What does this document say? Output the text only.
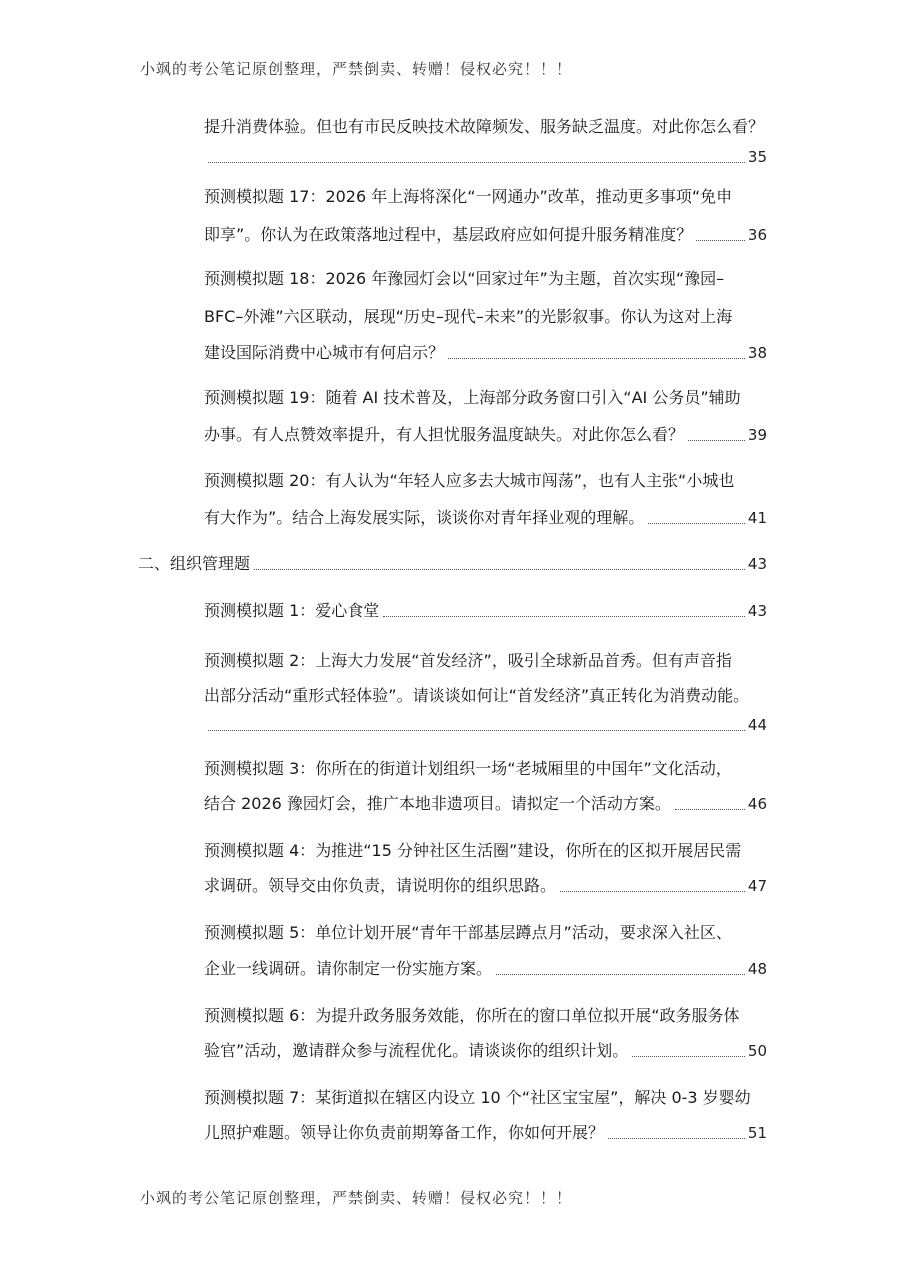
小飒的考公笔记原创整理，严禁倒卖、转赠！侵权必究！！！
提升消费体验。但也有市民反映技术故障频发、服务缺乏温度。对此你怎么看？
35
预测模拟题 17：2026 年上海将深化“一网通办”改革，推动更多事项“免申
即享”。你认为在政策落地过程中，基层政府应如何提升服务精准度？	36
预测模拟题 18：2026 年豫园灯会以“回家过年”为主题，首次实现“豫园–
BFC–外滩”六区联动，展现“历史–现代–未来”的光影叙事。你认为这对上海
建设国际消费中心城市有何启示？	38
预测模拟题 19：随着 AI 技术普及，上海部分政务窗口引入“AI 公务员”辅助
办事。有人点赞效率提升，有人担忧服务温度缺失。对此你怎么看？	39
预测模拟题 20：有人认为“年轻人应多去大城市闯荡”，也有人主张“小城也
有大作为”。结合上海发展实际，谈谈你对青年择业观的理解。	41
二、组织管理题	43
预测模拟题 1：爱心食堂	43
预测模拟题 2：上海大力发展“首发经济”，吸引全球新品首秀。但有声音指
出部分活动“重形式轻体验”。请谈谈如何让“首发经济”真正转化为消费动能。
44
预测模拟题 3：你所在的街道计划组织一场“老城厢里的中国年”文化活动，
结合 2026 豫园灯会，推广本地非遗项目。请拟定一个活动方案。	46
预测模拟题 4：为推进“15 分钟社区生活圈”建设，你所在的区拟开展居民需
求调研。领导交由你负责，请说明你的组织思路。	47
预测模拟题 5：单位计划开展“青年干部基层蹲点月”活动，要求深入社区、
企业一线调研。请你制定一份实施方案。	48
预测模拟题 6：为提升政务服务效能，你所在的窗口单位拟开展“政务服务体
验官”活动，邀请群众参与流程优化。请谈谈你的组织计划。	50
预测模拟题 7：某街道拟在辖区内设立 10 个“社区宝宝屋”，解决 0-3 岁婴幼
儿照护难题。领导让你负责前期筹备工作，你如何开展？	51
小飒的考公笔记原创整理，严禁倒卖、转赠！侵权必究！！！
